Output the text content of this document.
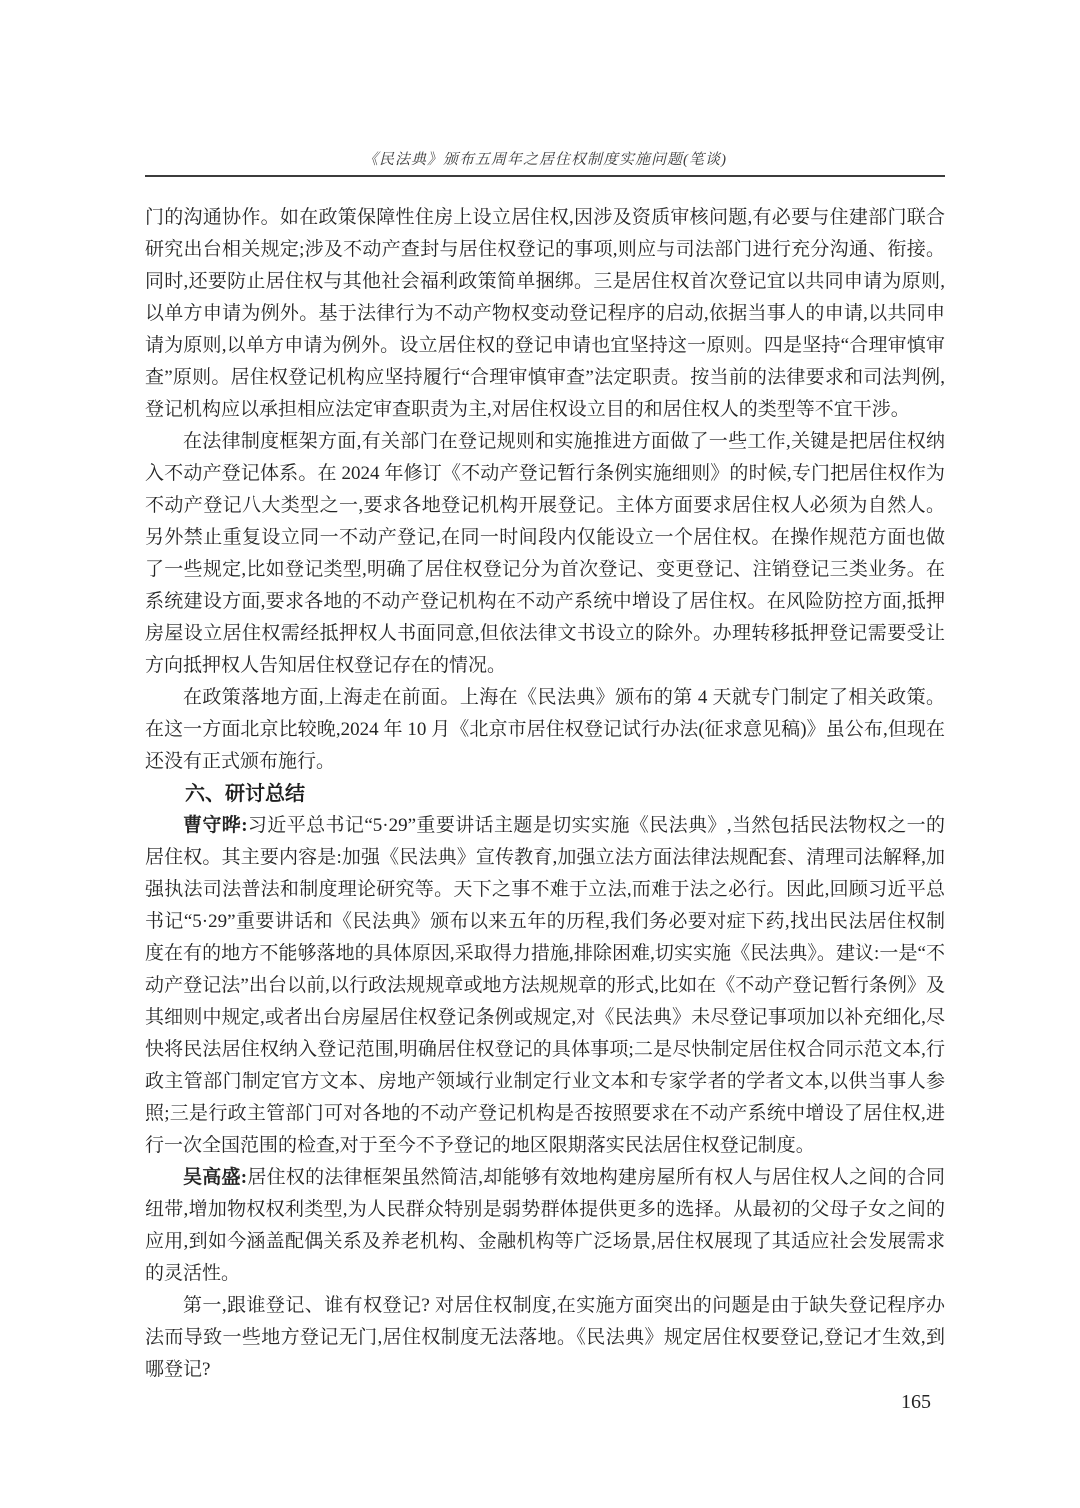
《民法典》颁布五周年之居住权制度实施问题(笔谈)

门的沟通协作。如在政策保障性住房上设立居住权,因涉及资质审核问题,有必要与住建部门联合研究出台相关规定;涉及不动产查封与居住权登记的事项,则应与司法部门进行充分沟通、衔接。同时,还要防止居住权与其他社会福利政策简单捆绑。三是居住权首次登记宜以共同申请为原则,以单方申请为例外。基于法律行为不动产物权变动登记程序的启动,依据当事人的申请,以共同申请为原则,以单方申请为例外。设立居住权的登记申请也宜坚持这一原则。四是坚持“合理审慎审查”原则。居住权登记机构应坚持履行“合理审慎审查”法定职责。按当前的法律要求和司法判例,登记机构应以承担相应法定审查职责为主,对居住权设立目的和居住权人的类型等不宜干涉。

在法律制度框架方面,有关部门在登记规则和实施推进方面做了一些工作,关键是把居住权纳入不动产登记体系。在 2024 年修订《不动产登记暂行条例实施细则》的时候,专门把居住权作为不动产登记八大类型之一,要求各地登记机构开展登记。主体方面要求居住权人必须为自然人。另外禁止重复设立同一不动产登记,在同一时间段内仅能设立一个居住权。在操作规范方面也做了一些规定,比如登记类型,明确了居住权登记分为首次登记、变更登记、注销登记三类业务。在系统建设方面,要求各地的不动产登记机构在不动产系统中增设了居住权。在风险防控方面,抵押房屋设立居住权需经抵押权人书面同意,但依法律文书设立的除外。办理转移抵押登记需要受让方向抵押权人告知居住权登记存在的情况。

在政策落地方面,上海走在前面。上海在《民法典》颁布的第 4 天就专门制定了相关政策。在这一方面北京比较晚,2024 年 10 月《北京市居住权登记试行办法(征求意见稿)》虽公布,但现在还没有正式颁布施行。

六、研讨总结

曹守晔:习近平总书记“5·29”重要讲话主题是切实实施《民法典》,当然包括民法物权之一的居住权。其主要内容是:加强《民法典》宣传教育,加强立法方面法律法规配套、清理司法解释,加强执法司法普法和制度理论研究等。天下之事不难于立法,而难于法之必行。因此,回顾习近平总书记“5·29”重要讲话和《民法典》颁布以来五年的历程,我们务必要对症下药,找出民法居住权制度在有的地方不能够落地的具体原因,采取得力措施,排除困难,切实实施《民法典》。建议:一是“不动产登记法”出台以前,以行政法规规章或地方法规规章的形式,比如在《不动产登记暂行条例》及其细则中规定,或者出台房屋居住权登记条例或规定,对《民法典》未尽登记事项加以补充细化,尽快将民法居住权纳入登记范围,明确居住权登记的具体事项;二是尽快制定居住权合同示范文本,行政主管部门制定官方文本、房地产领域行业制定行业文本和专家学者的学者文本,以供当事人参照;三是行政主管部门可对各地的不动产登记机构是否按照要求在不动产系统中增设了居住权,进行一次全国范围的检查,对于至今不予登记的地区限期落实民法居住权登记制度。

吴高盛:居住权的法律框架虽然简洁,却能够有效地构建房屋所有权人与居住权人之间的合同纽带,增加物权权利类型,为人民群众特别是弱势群体提供更多的选择。从最初的父母子女之间的应用,到如今涵盖配偶关系及养老机构、金融机构等广泛场景,居住权展现了其适应社会发展需求的灵活性。

第一,跟谁登记、谁有权登记? 对居住权制度,在实施方面突出的问题是由于缺失登记程序办法而导致一些地方登记无门,居住权制度无法落地。《民法典》规定居住权要登记,登记才生效,到哪登记?

165
